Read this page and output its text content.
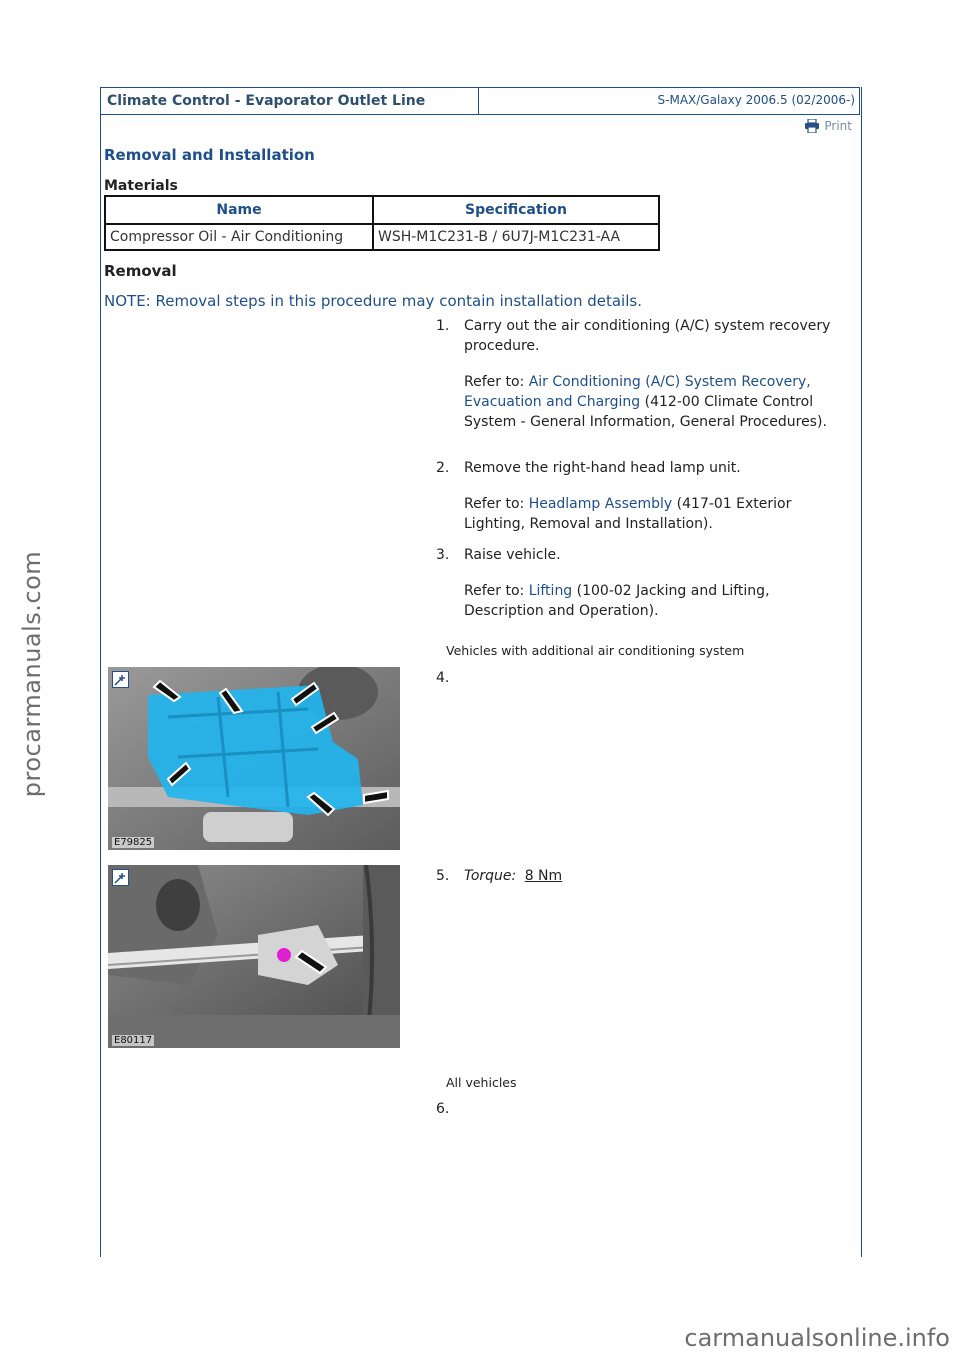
Climate Control - Evaporator Outlet Line	S-MAX/Galaxy 2006.5 (02/2006-)
Print
Removal and Installation
Materials
Name	Specification
Compressor Oil - Air Conditioning	WSH-M1C231-B / 6U7J-M1C231-AA
Removal
NOTE: Removal steps in this procedure may contain installation details.
1. Carry out the air conditioning (A/C) system recovery procedure.
Refer to: Air Conditioning (A/C) System Recovery, Evacuation and Charging (412-00 Climate Control System - General Information, General Procedures).
2. Remove the right-hand head lamp unit.
Refer to: Headlamp Assembly (417-01 Exterior Lighting, Removal and Installation).
3. Raise vehicle.
Refer to: Lifting (100-02 Jacking and Lifting, Description and Operation).
Vehicles with additional air conditioning system
E79825
4.
E80117
5. Torque: 8 Nm
All vehicles
6.
procarmanuals.com
carmanualsonline.info
